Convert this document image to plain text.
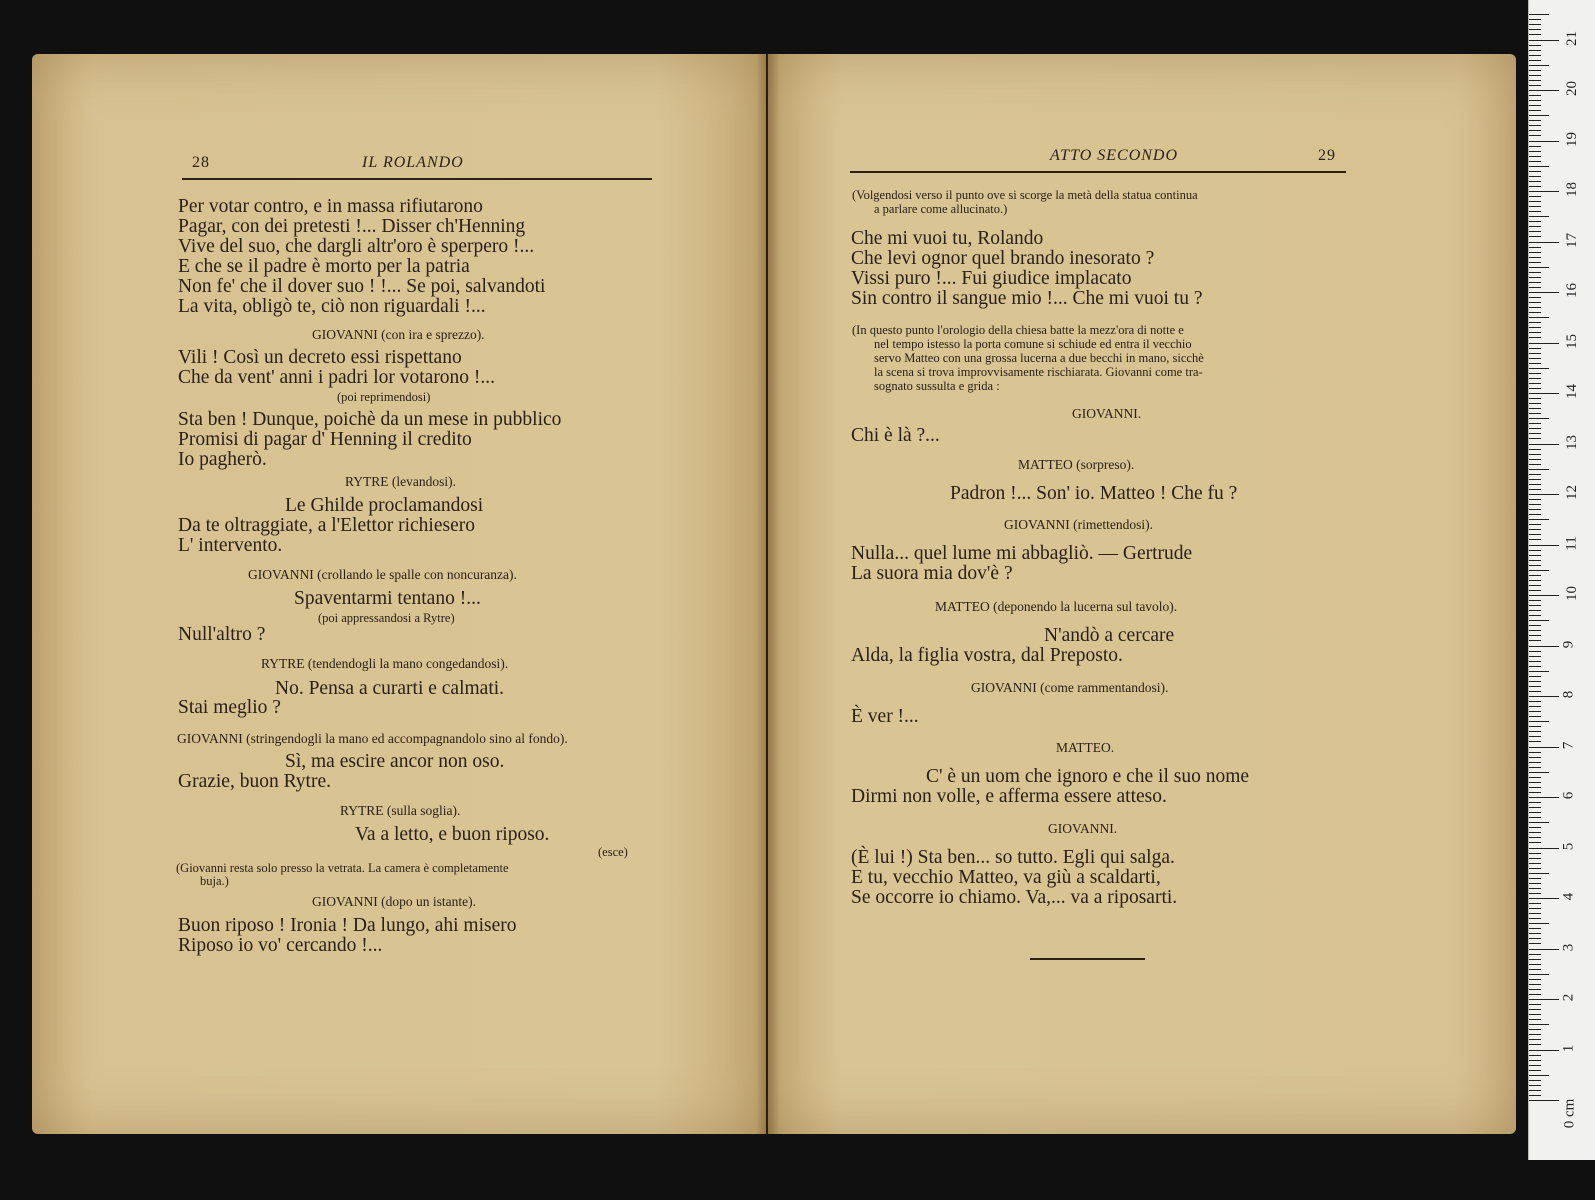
28	IL ROLANDO
Per votar contro, e in massa rifiutarono
Pagar, con dei pretesti !... Disser ch'Henning
Vive del suo, che dargli altr'oro è sperpero !...
E che se il padre è morto per la patria
Non fe' che il dover suo ! !... Se poi, salvandoti
La vita, obligò te, ciò non riguardali !...
GIOVANNI (con ira e sprezzo).
Vili ! Così un decreto essi rispettano
Che da vent' anni i padri lor votarono !...
(poi reprimendosi)
Sta ben ! Dunque, poichè da un mese in pubblico
Promisi di pagar d' Henning il credito
Io pagherò.
RYTRE (levandosi).
Le Ghilde proclamandosi
Da te oltraggiate, a l'Elettor richiesero
L' intervento.
GIOVANNI (crollando le spalle con noncuranza).
Spaventarmi tentano !...
(poi appressandosi a Rytre)
Null'altro ?
RYTRE (tendendogli la mano congedandosi).
No. Pensa a curarti e calmati.
Stai meglio ?
GIOVANNI (stringendogli la mano ed accompagnandolo sino al fondo).
Sì, ma escire ancor non oso.
Grazie, buon Rytre.
RYTRE (sulla soglia).
Va a letto, e buon riposo.
(esce)
(Giovanni resta solo presso la vetrata. La camera è completamente
buja.)
GIOVANNI (dopo un istante).
Buon riposo ! Ironia ! Da lungo, ahi misero
Riposo io vo' cercando !...
ATTO SECONDO	29
(Volgendosi verso il punto ove si scorge la metà della statua continua
a parlare come allucinato.)
Che mi vuoi tu, Rolando
Che levi ognor quel brando inesorato ?
Vissi puro !... Fui giudice implacato
Sin contro il sangue mio !... Che mi vuoi tu ?
(In questo punto l'orologio della chiesa batte la mezz'ora di notte e
nel tempo istesso la porta comune si schiude ed entra il vecchio
servo Matteo con una grossa lucerna a due becchi in mano, sicchè
la scena si trova improvvisamente rischiarata. Giovanni come tra-
sognato sussulta e grida :
GIOVANNI.
Chi è là ?...
MATTEO (sorpreso).
Padron !... Son' io. Matteo ! Che fu ?
GIOVANNI (rimettendosi).
Nulla... quel lume mi abbagliò. — Gertrude
La suora mia dov'è ?
MATTEO (deponendo la lucerna sul tavolo).
N'andò a cercare
Alda, la figlia vostra, dal Preposto.
GIOVANNI (come rammentandosi).
È ver !...
MATTEO.
C' è un uom che ignoro e che il suo nome
Dirmi non volle, e afferma essere atteso.
GIOVANNI.
(È lui !) Sta ben... so tutto. Egli qui salga.
E tu, vecchio Matteo, va giù a scaldarti,
Se occorre io chiamo. Va,... va a riposarti.
0 cm
1
2
3
4
5
6
7
8
9
10
11
12
13
14
15
16
17
18
19
20
21
